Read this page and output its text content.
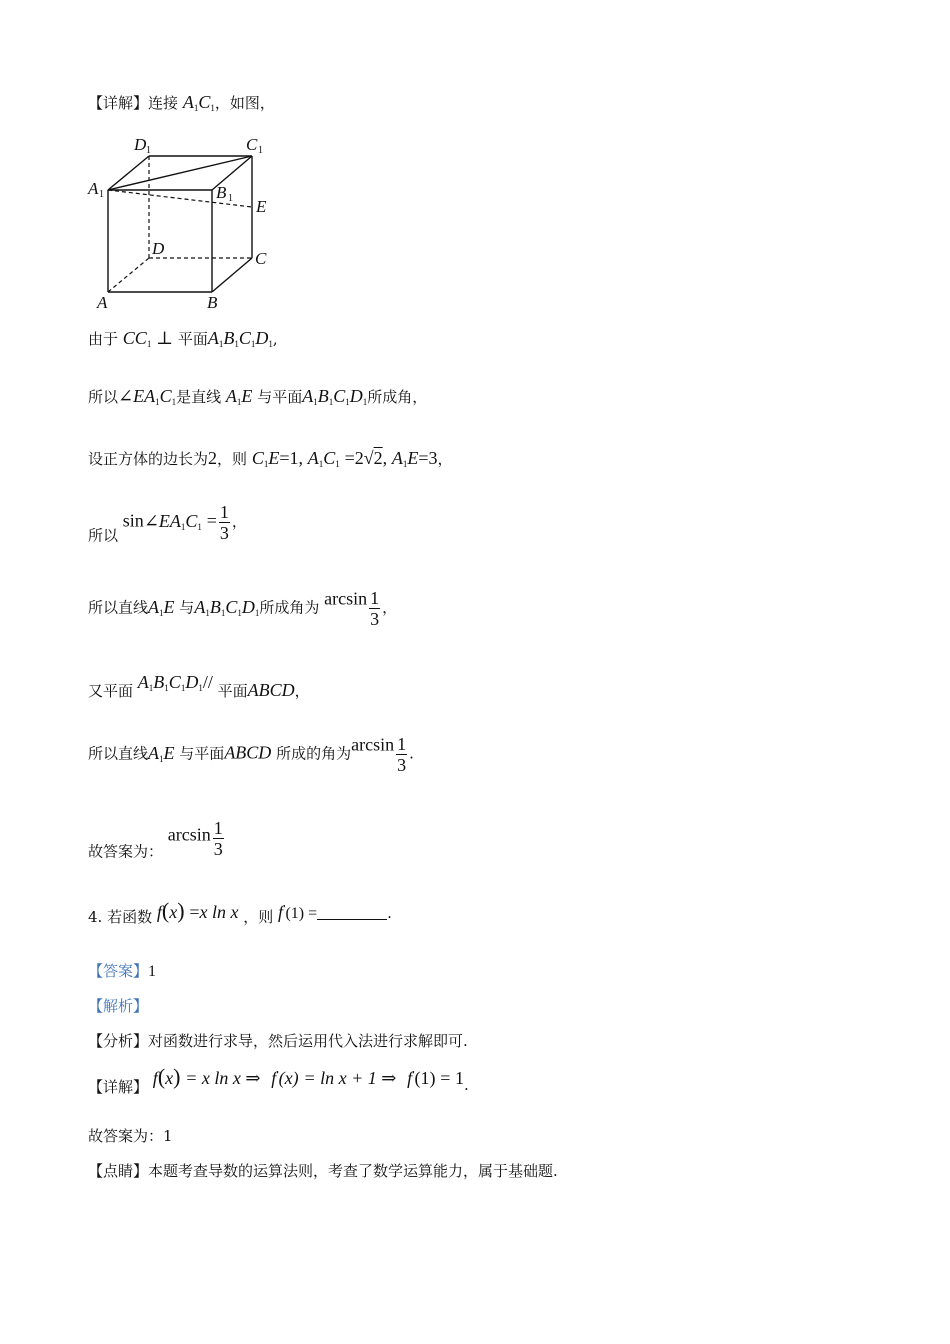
【详解】连接 $A_1C_1$，如图，
D 1	C 1
A 1	B 1 E
D
C
A	B
由于 $CC_1$ ⊥ 平面$A_1B_1C_1D_1$,
所以$\angle EA_1C_1$是直线 $A_1E$ 与平面$A_1B_1C_1D_1$所成角，
设正方体的边长为2，则 $C_1E=1$, $A_1C_1 =2√2$, $A_1E=3$，
所以 $\sin\angle EA_1C_1 = \frac{1}{3}$ ，
所以直线$A_1E$ 与$A_1B_1C_1D_1$所成角为 $\arcsin \frac{1}{3}$ ，
又平面 $A_1B_1C_1D_1//$ 平面ABCD，
所以直线$A_1E$ 与平面ABCD 所成的角为$\arcsin \frac{1}{3}$ .
故答案为： $\arcsin \frac{1}{3}$
4. 若函数 f(x) =x ln x ，则 f′(1) =	.
【答案】1
【解析】
【分析】对函数进行求导，然后运用代入法进行求解即可.
【详解】 f(x) = x ln x ⇒ f′(x) = ln x + 1 ⇒ f′(1) = 1.
故答案为：1
【点睛】本题考查导数的运算法则，考查了数学运算能力，属于基础题.
